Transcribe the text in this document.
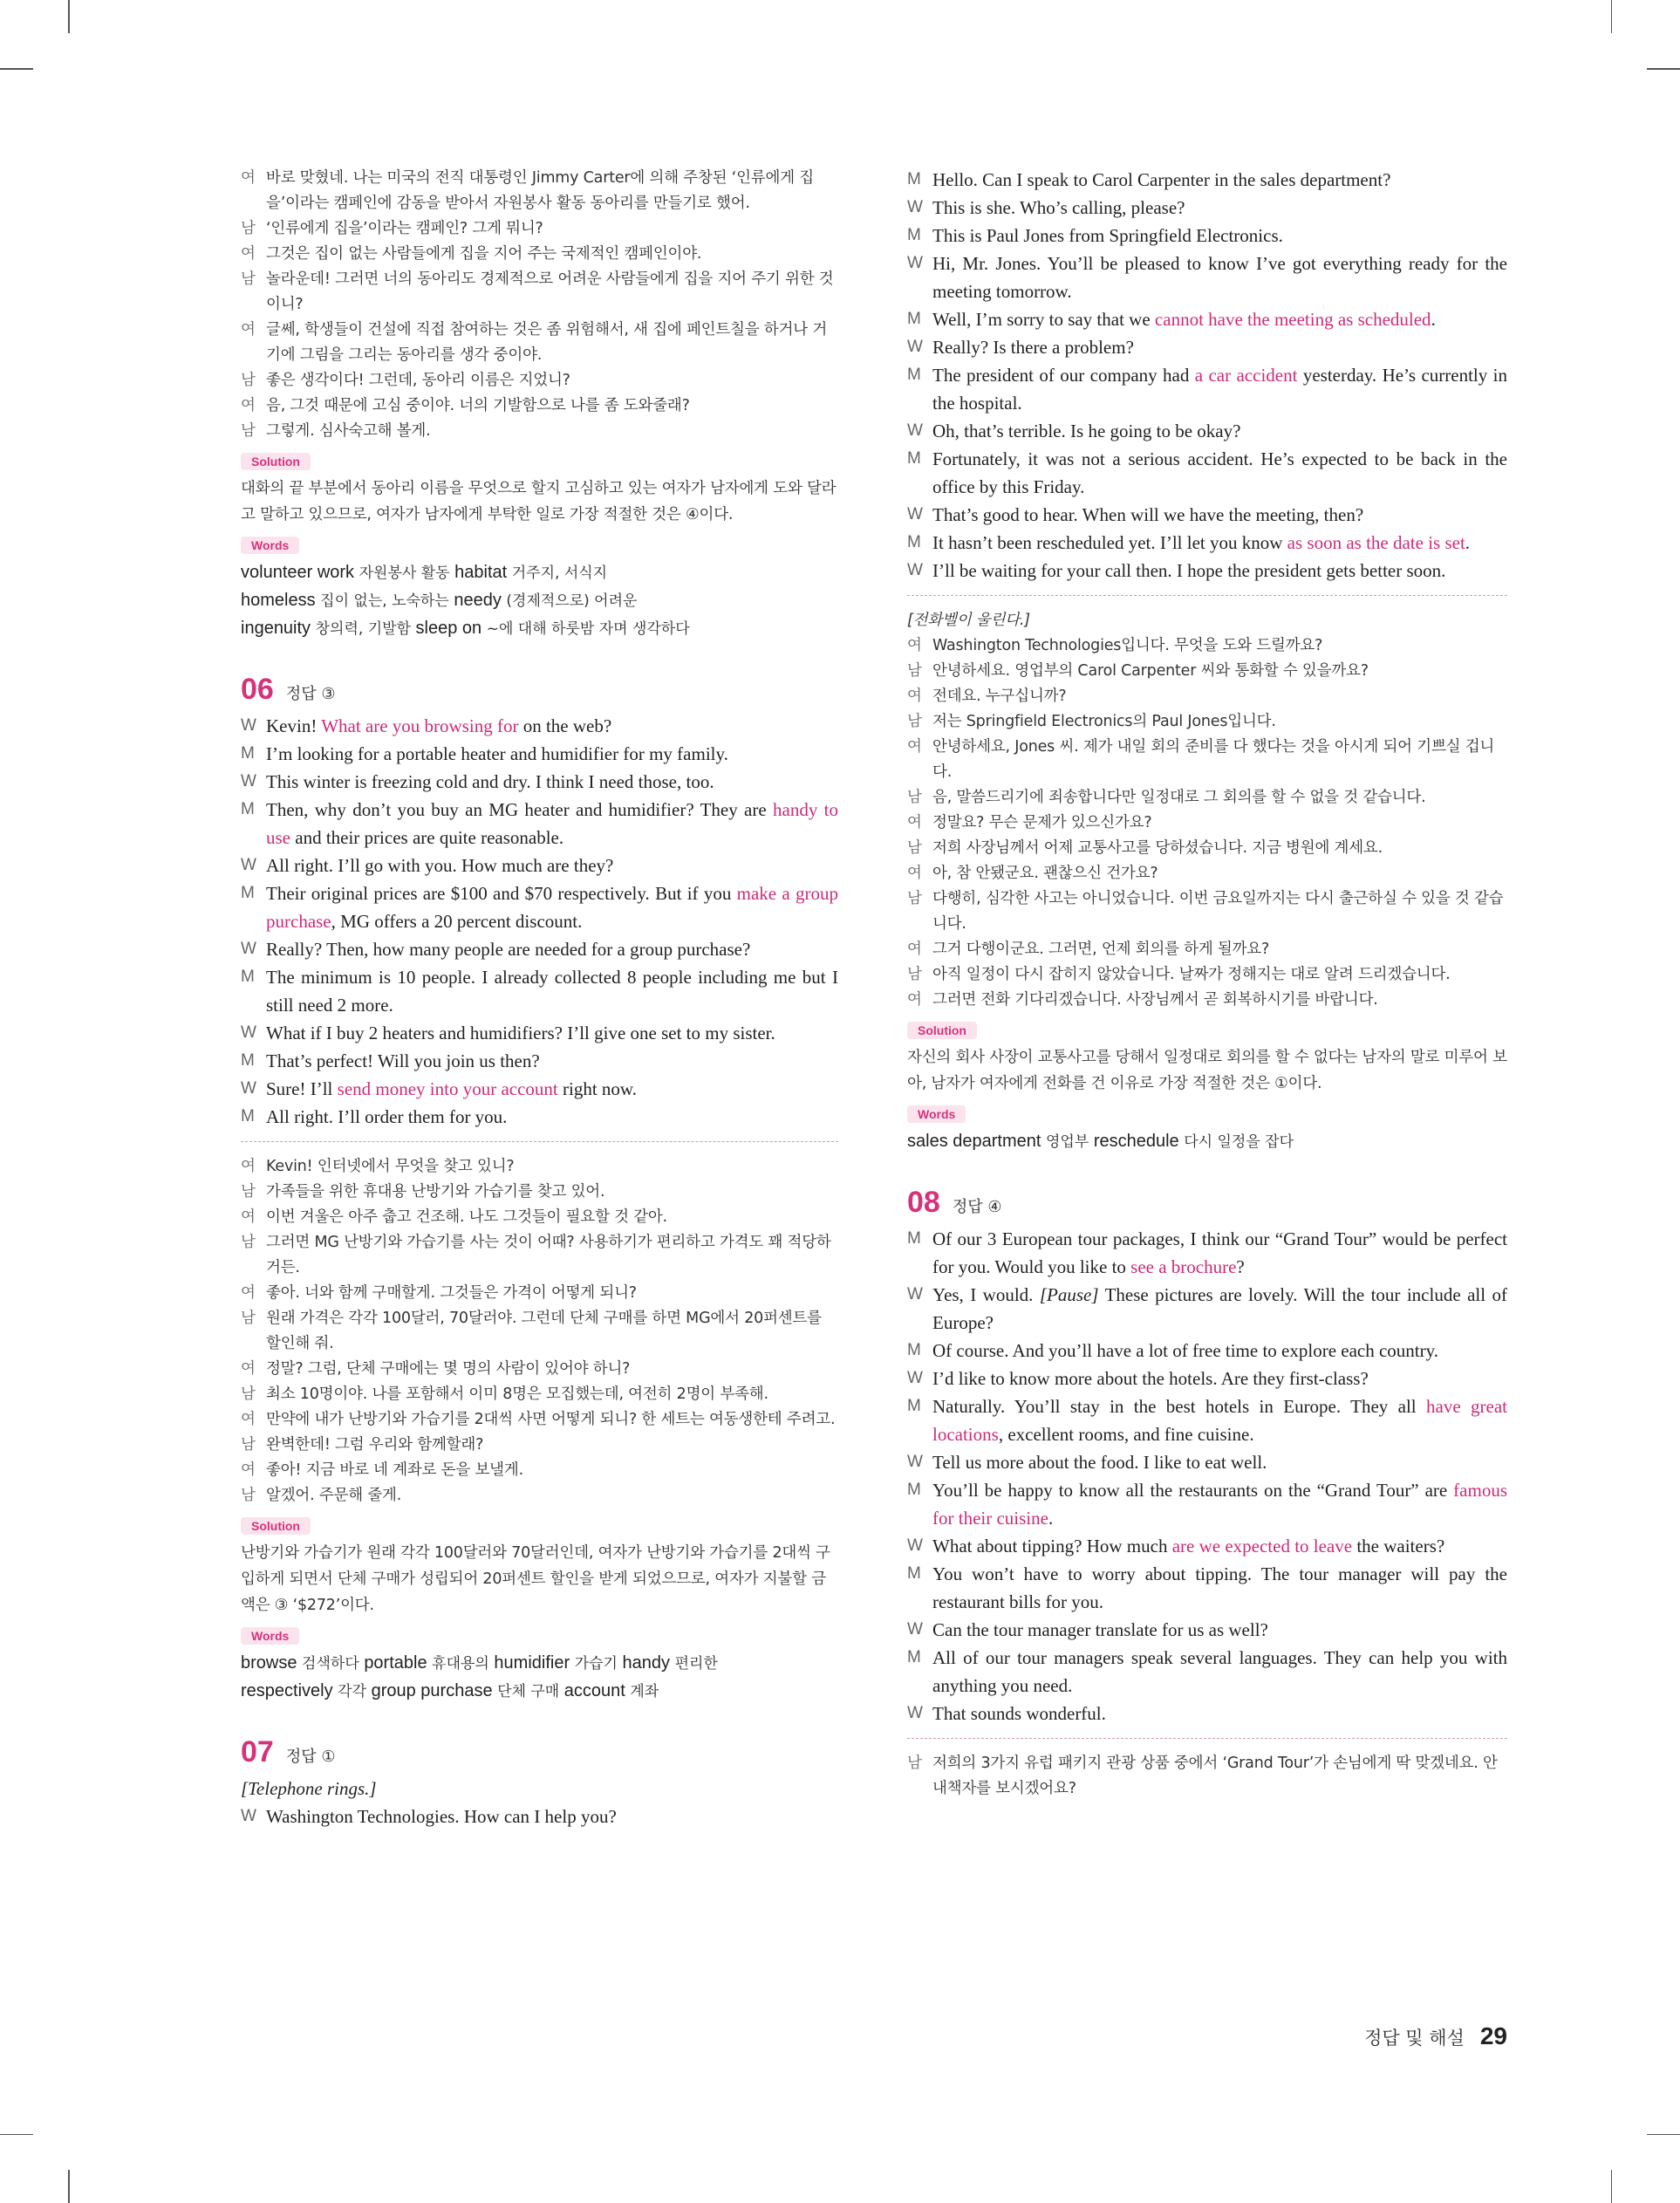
여 바로 맞혔네. 나는 미국의 전직 대통령인 Jimmy Carter에 의해 주창된 ‘인류에게 집을’이라는 캠페인에 감동을 받아서 자원봉사 활동 동아리를 만들기로 했어.
남 ‘인류에게 집을’이라는 캠페인? 그게 뭐니?
여 그것은 집이 없는 사람들에게 집을 지어 주는 국제적인 캠페인이야.
남 놀라운데! 그러면 너의 동아리도 경제적으로 어려운 사람들에게 집을 지어 주기 위한 것이니?
여 글쎄, 학생들이 건설에 직접 참여하는 것은 좀 위험해서, 새 집에 페인트칠을 하거나 거기에 그림을 그리는 동아리를 생각 중이야.
남 좋은 생각이다! 그런데, 동아리 이름은 지었니?
여 음, 그것 때문에 고심 중이야. 너의 기발함으로 나를 좀 도와줄래?
남 그렇게. 심사숙고해 볼게.
Solution
대화의 끝 부분에서 동아리 이름을 무엇으로 할지 고심하고 있는 여자가 남자에게 도와 달라고 말하고 있으므로, 여자가 남자에게 부탁한 일로 가장 적절한 것은 ④이다.
Words
volunteer work 자원봉사 활동 habitat 거주지, 서식지
homeless 집이 없는, 노숙하는 needy (경제적으로) 어려운
ingenuity 창의력, 기발함 sleep on ~에 대해 하룻밤 자며 생각하다
06 정답 ③
W Kevin! What are you browsing for on the web?
M I’m looking for a portable heater and humidifier for my family.
W This winter is freezing cold and dry. I think I need those, too.
M Then, why don’t you buy an MG heater and humidifier? They are handy to use and their prices are quite reasonable.
W All right. I’ll go with you. How much are they?
M Their original prices are $100 and $70 respectively. But if you make a group purchase, MG offers a 20 percent discount.
W Really? Then, how many people are needed for a group purchase?
M The minimum is 10 people. I already collected 8 people including me but I still need 2 more.
W What if I buy 2 heaters and humidifiers? I’ll give one set to my sister.
M That’s perfect! Will you join us then?
W Sure! I’ll send money into your account right now.
M All right. I’ll order them for you.
여 Kevin! 인터넷에서 무엇을 찾고 있니?
남 가족들을 위한 휴대용 난방기와 가습기를 찾고 있어.
여 이번 겨울은 아주 춥고 건조해. 나도 그것들이 필요할 것 같아.
남 그러면 MG 난방기와 가습기를 사는 것이 어때? 사용하기가 편리하고 가격도 꽤 적당하거든.
여 좋아. 너와 함께 구매할게. 그것들은 가격이 어떻게 되니?
남 원래 가격은 각각 100달러, 70달러야. 그런데 단체 구매를 하면 MG에서 20퍼센트를 할인해 줘.
여 정말? 그럼, 단체 구매에는 몇 명의 사람이 있어야 하니?
남 최소 10명이야. 나를 포함해서 이미 8명은 모집했는데, 여전히 2명이 부족해.
여 만약에 내가 난방기와 가습기를 2대씩 사면 어떻게 되니? 한 세트는 여동생한테 주려고.
남 완벽한데! 그럼 우리와 함께할래?
여 좋아! 지금 바로 네 계좌로 돈을 보낼게.
남 알겠어. 주문해 줄게.
Solution
난방기와 가습기가 원래 각각 100달러와 70달러인데, 여자가 난방기와 가습기를 2대씩 구입하게 되면서 단체 구매가 성립되어 20퍼센트 할인을 받게 되었으므로, 여자가 지불할 금액은 ③ ‘$272’이다.
Words
browse 검색하다 portable 휴대용의 humidifier 가습기 handy 편리한
respectively 각각 group purchase 단체 구매 account 계좌
07 정답 ①
[Telephone rings.]
W Washington Technologies. How can I help you?
M Hello. Can I speak to Carol Carpenter in the sales department?
W This is she. Who’s calling, please?
M This is Paul Jones from Springfield Electronics.
W Hi, Mr. Jones. You’ll be pleased to know I’ve got everything ready for the meeting tomorrow.
M Well, I’m sorry to say that we cannot have the meeting as scheduled.
W Really? Is there a problem?
M The president of our company had a car accident yesterday. He’s currently in the hospital.
W Oh, that’s terrible. Is he going to be okay?
M Fortunately, it was not a serious accident. He’s expected to be back in the office by this Friday.
W That’s good to hear. When will we have the meeting, then?
M It hasn’t been rescheduled yet. I’ll let you know as soon as the date is set.
W I’ll be waiting for your call then. I hope the president gets better soon.
[전화벨이 울린다.]
여 Washington Technologies입니다. 무엇을 도와 드릴까요?
남 안녕하세요. 영업부의 Carol Carpenter 씨와 통화할 수 있을까요?
여 전데요. 누구십니까?
남 저는 Springfield Electronics의 Paul Jones입니다.
여 안녕하세요, Jones 씨. 제가 내일 회의 준비를 다 했다는 것을 아시게 되어 기쁘실 겁니다.
남 음, 말씀드리기에 죄송합니다만 일정대로 그 회의를 할 수 없을 것 같습니다.
여 정말요? 무슨 문제가 있으신가요?
남 저희 사장님께서 어제 교통사고를 당하셨습니다. 지금 병원에 계세요.
여 아, 참 안됐군요. 괜찮으신 건가요?
남 다행히, 심각한 사고는 아니었습니다. 이번 금요일까지는 다시 출근하실 수 있을 것 같습니다.
여 그거 다행이군요. 그러면, 언제 회의를 하게 될까요?
남 아직 일정이 다시 잡히지 않았습니다. 날짜가 정해지는 대로 알려 드리겠습니다.
여 그러면 전화 기다리겠습니다. 사장님께서 곧 회복하시기를 바랍니다.
Solution
자신의 회사 사장이 교통사고를 당해서 일정대로 회의를 할 수 없다는 남자의 말로 미루어 보아, 남자가 여자에게 전화를 건 이유로 가장 적절한 것은 ①이다.
Words
sales department 영업부 reschedule 다시 일정을 잡다
08 정답 ④
M Of our 3 European tour packages, I think our “Grand Tour” would be perfect for you. Would you like to see a brochure?
W Yes, I would. [Pause] These pictures are lovely. Will the tour include all of Europe?
M Of course. And you’ll have a lot of free time to explore each country.
W I’d like to know more about the hotels. Are they first-class?
M Naturally. You’ll stay in the best hotels in Europe. They all have great locations, excellent rooms, and fine cuisine.
W Tell us more about the food. I like to eat well.
M You’ll be happy to know all the restaurants on the “Grand Tour” are famous for their cuisine.
W What about tipping? How much are we expected to leave the waiters?
M You won’t have to worry about tipping. The tour manager will pay the restaurant bills for you.
W Can the tour manager translate for us as well?
M All of our tour managers speak several languages. They can help you with anything you need.
W That sounds wonderful.
남 저희의 3가지 유럽 패키지 관광 상품 중에서 ‘Grand Tour’가 손님에게 딱 맞겠네요. 안내책자를 보시겠어요?
정답 및 해설 29
